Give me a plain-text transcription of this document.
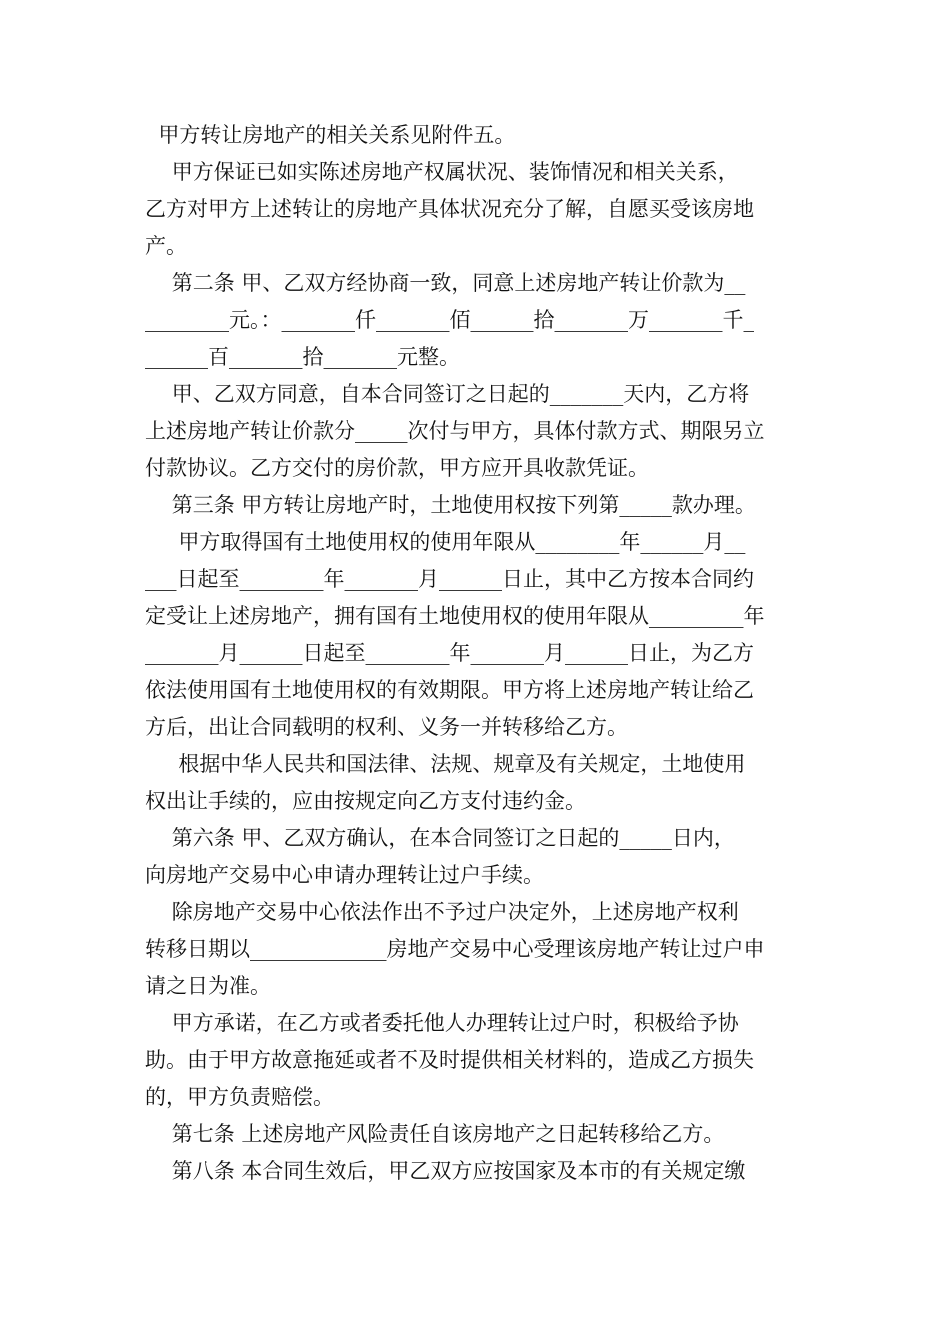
甲方转让房地产的相关关系见附件五。
甲方保证已如实陈述房地产权属状况、装饰情况和相关关系，
乙方对甲方上述转让的房地产具体状况充分了解，自愿买受该房地
产。
第二条 甲、乙双方经协商一致，同意上述房地产转让价款为__
________元。：_______仟_______佰______拾_______万_______千_
______百_______拾_______元整。
甲、乙双方同意，自本合同签订之日起的_______天内，乙方将
上述房地产转让价款分_____次付与甲方，具体付款方式、期限另立
付款协议。乙方交付的房价款，甲方应开具收款凭证。
第三条 甲方转让房地产时，土地使用权按下列第_____款办理。
甲方取得国有土地使用权的使用年限从________年______月__
___日起至________年_______月______日止，其中乙方按本合同约
定受让上述房地产，拥有国有土地使用权的使用年限从_________年
_______月______日起至________年_______月______日止，为乙方
依法使用国有土地使用权的有效期限。甲方将上述房地产转让给乙
方后，出让合同载明的权利、义务一并转移给乙方。
根据中华人民共和国法律、法规、规章及有关规定，土地使用
权出让手续的，应由按规定向乙方支付违约金。
第六条 甲、乙双方确认，在本合同签订之日起的_____日内，
向房地产交易中心申请办理转让过户手续。
除房地产交易中心依法作出不予过户决定外，上述房地产权利
转移日期以_____________房地产交易中心受理该房地产转让过户申
请之日为准。
甲方承诺，在乙方或者委托他人办理转让过户时，积极给予协
助。由于甲方故意拖延或者不及时提供相关材料的，造成乙方损失
的，甲方负责赔偿。
第七条 上述房地产风险责任自该房地产之日起转移给乙方。
第八条 本合同生效后，甲乙双方应按国家及本市的有关规定缴
